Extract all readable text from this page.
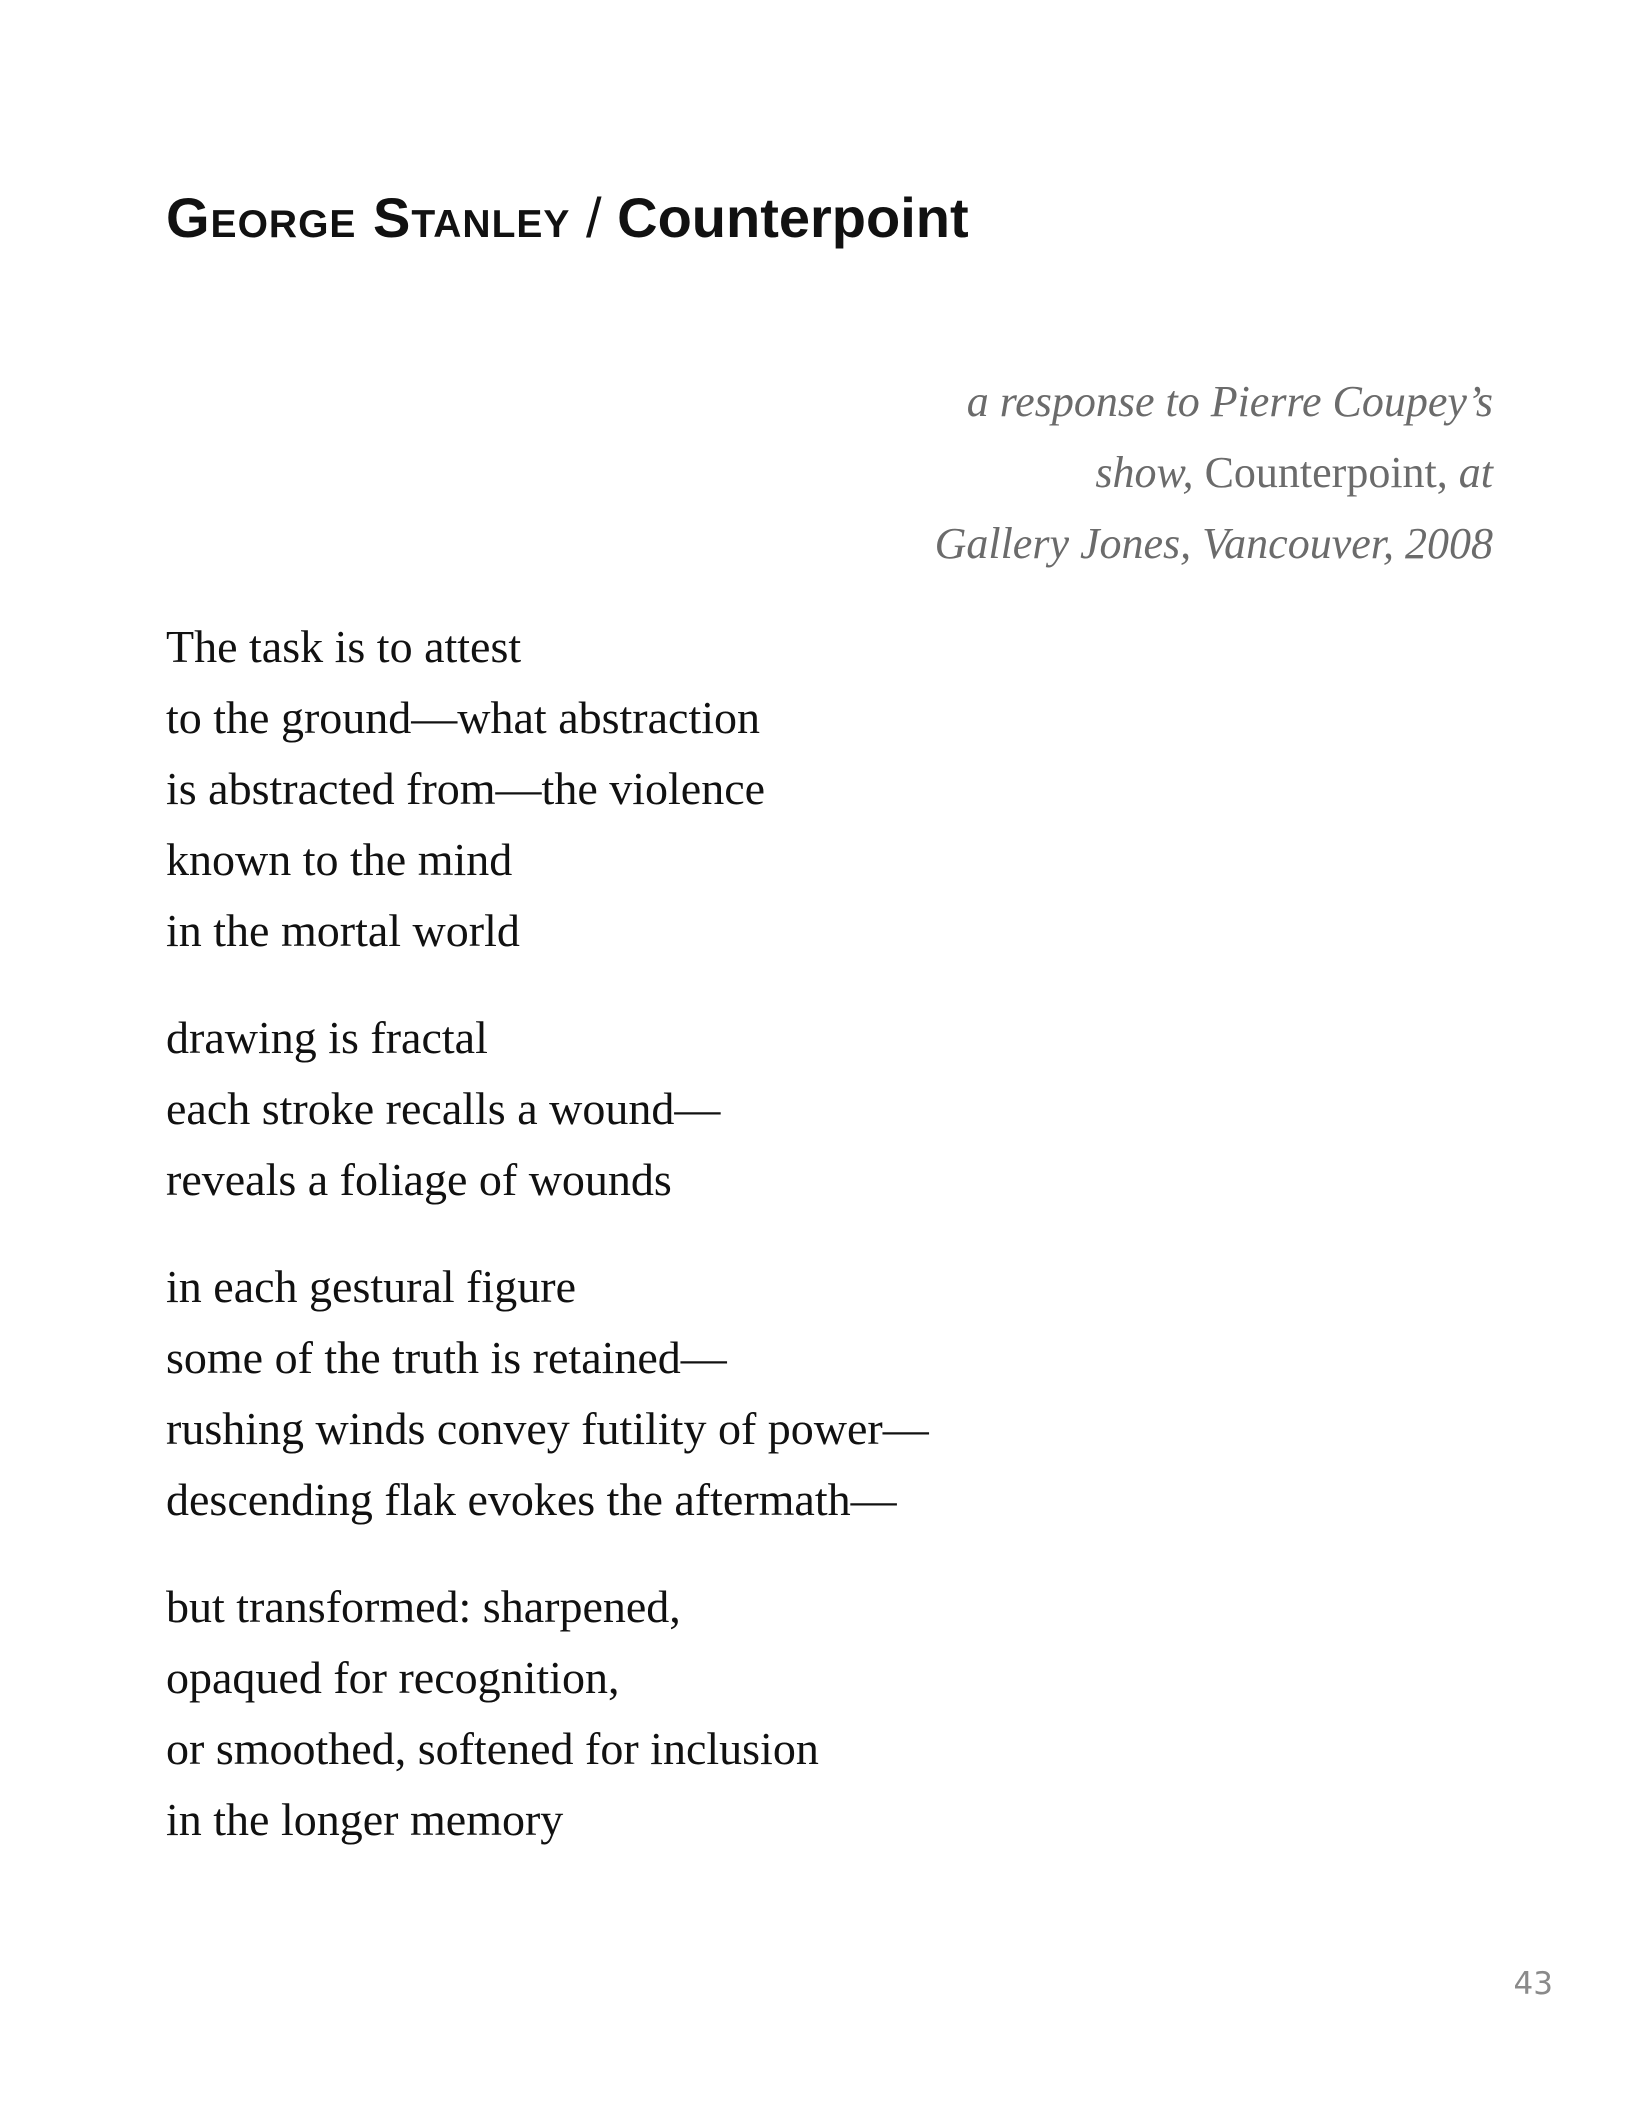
George Stanley / Counterpoint
a response to Pierre Coupey’s
show, Counterpoint, at
Gallery Jones, Vancouver, 2008
The task is to attest
to the ground—what abstraction
is abstracted from—the violence
known to the mind
in the mortal world
drawing is fractal
each stroke recalls a wound—
reveals a foliage of wounds
in each gestural figure
some of the truth is retained—
rushing winds convey futility of power—
descending flak evokes the aftermath—
but transformed: sharpened,
opaqued for recognition,
or smoothed, softened for inclusion
in the longer memory
43
